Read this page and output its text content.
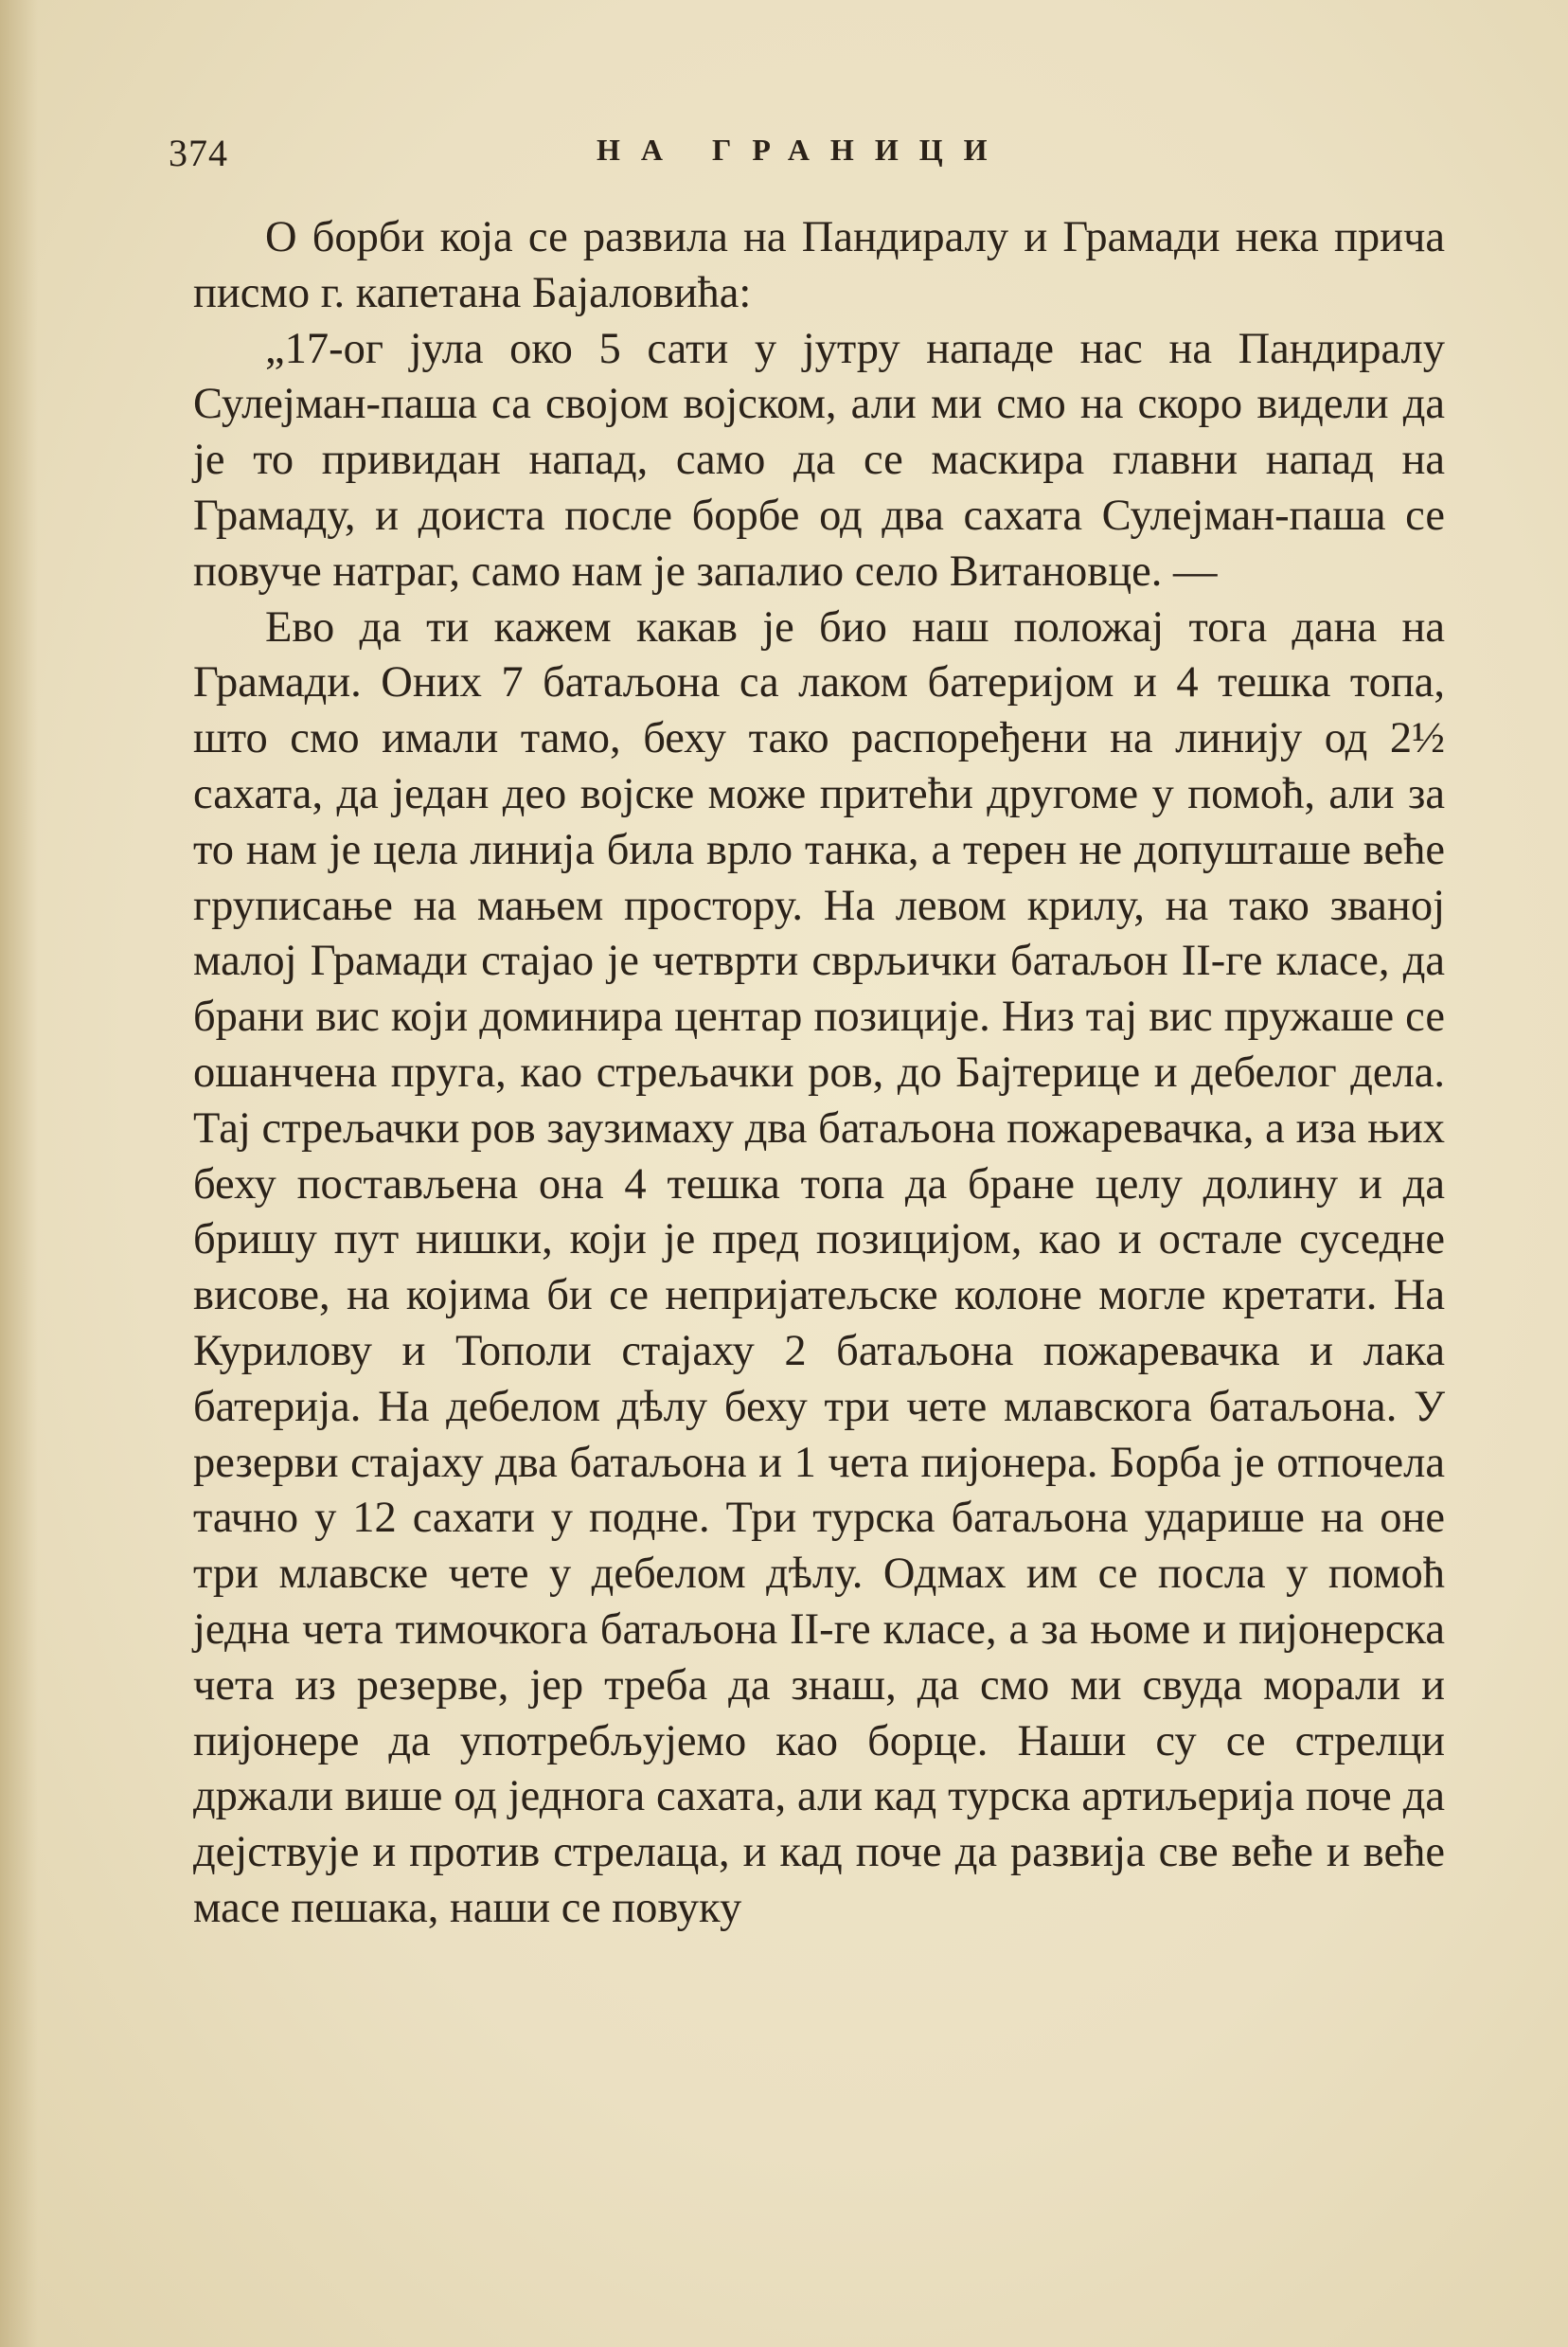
374	НА ГРАНИЦИ

О борби која се развила на Пандиралу и Грамади нека прича писмо г. капетана Бајаловића:

„17-ог јула око 5 сати у јутру нападе нас на Пандиралу Сулејман-паша са својом војском, али ми смо на скоро видели да је то привидан напад, само да се маскира главни напад на Грамаду, и доиста после борбе од два сахата Сулејман-паша се повуче натраг, само нам је запалио село Витановце. —

Ево да ти кажем какав је био наш положај тога дана на Грамади. Оних 7 батаљона са лаком батеријом и 4 тешка топа, што смо имали тамо, беху тако распоређени на линију од 2½ сахата, да један део војске може притећи другоме у помоћ, али за то нам је цела линија била врло танка, а терен не допушташе веће груписање на мањем простору. На левом крилу, на тако званој малој Грамади стајао је четврти сврљички батаљон II-ге класе, да брани вис који доминира центар позиције. Низ тај вис пружаше се ошанчена пруга, као стрељачки ров, до Бајтерице и дебелог дела. Тај стрељачки ров заузимаху два батаљона пожаревачка, а иза њих беху постављена она 4 тешка топа да бране целу долину и да бришу пут нишки, који је пред позицијом, као и остале суседне висове, на којима би се непријатељске колоне могле кретати. На Курилову и Тополи стајаху 2 батаљона пожаревачка и лака батерија. На дебелом дѣлу беху три чете млавскога батаљона. У резерви стајаху два батаљона и 1 чета пијонера. Борба је отпочела тачно у 12 сахати у подне. Три турска батаљона ударише на оне три млавске чете у дебелом дѣлу. Одмах им се посла у помоћ једна чета тимочкога батаљона II-ге класе, а за њоме и пијонерска чета из резерве, јер треба да знаш, да смо ми свуда морали и пијонере да употребљујемо као борце. Наши су се стрелци држали више од једнога сахата, али кад турска артиљерија поче да дејствује и против стрелаца, и кад поче да развија све веће и веће масе пешака, наши се повуку
